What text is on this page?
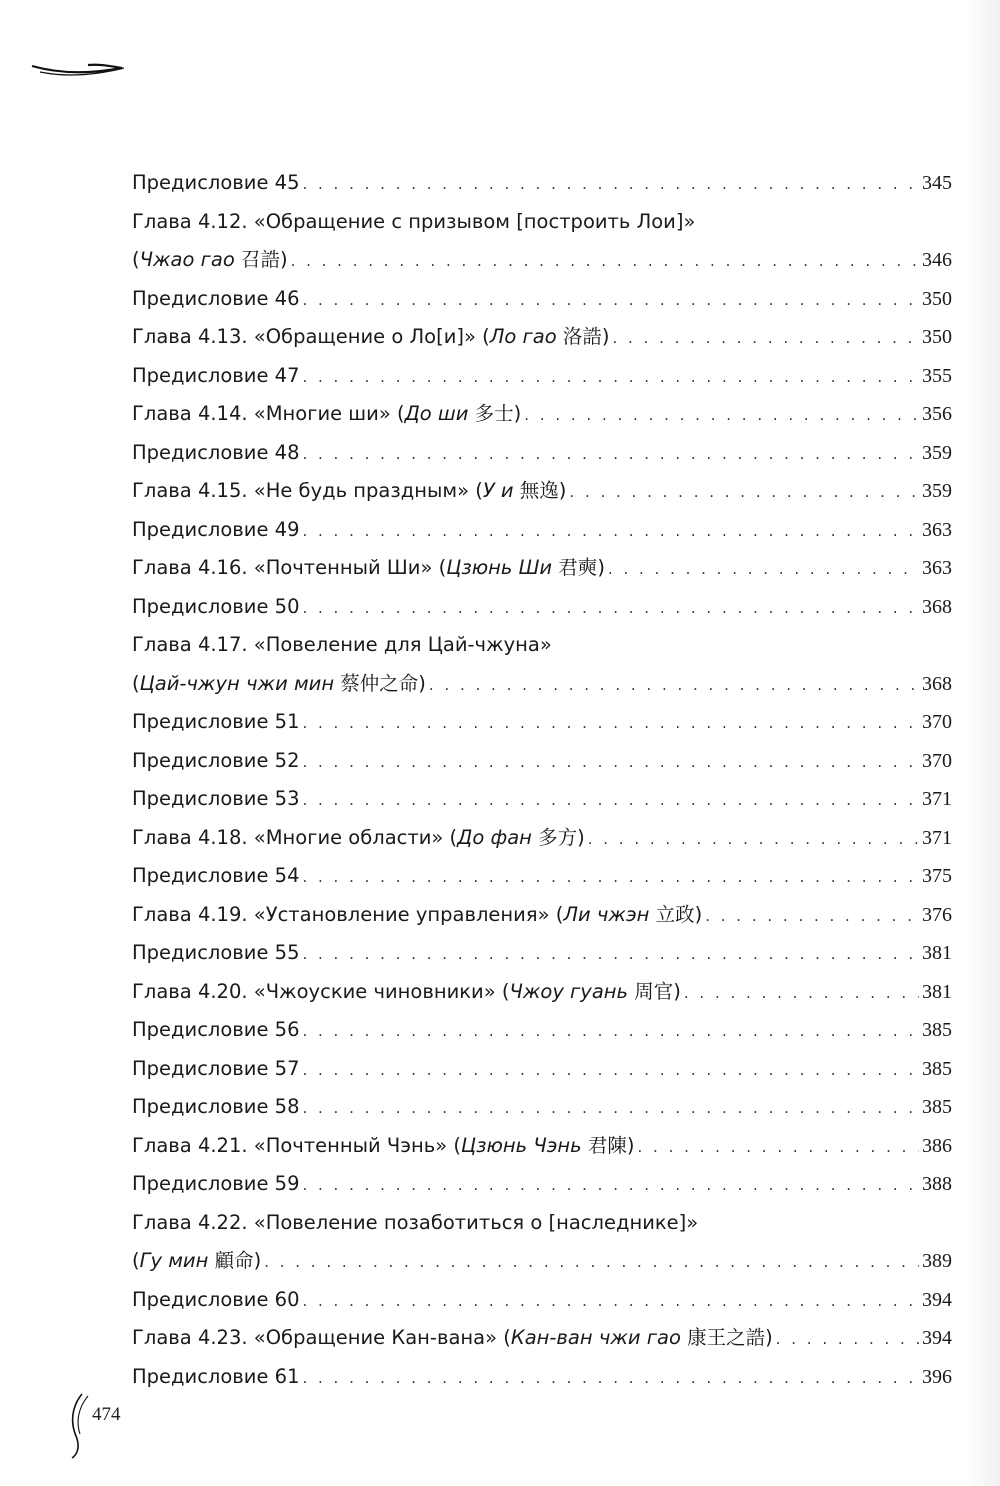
474
Предисловие 45 . . .	345
Глава 4.12. «Обращение с призывом [построить Лои]»
(Чжао гао 召誥) . . .	346
Предисловие 46 . . .	350
Глава 4.13. «Обращение о Ло[и]» (Ло гао 洛誥) . . .	350
Предисловие 47 . . .	355
Глава 4.14. «Многие ши» (До ши 多士) . . .	356
Предисловие 48 . . .	359
Глава 4.15. «Не будь праздным» (У и 無逸) . . .	359
Предисловие 49 . . .	363
Глава 4.16. «Почтенный Ши» (Цзюнь Ши 君奭) . . .	363
Предисловие 50 . . .	368
Глава 4.17. «Повеление для Цай-чжуна»
(Цай-чжун чжи мин 蔡仲之命) . . .	368
Предисловие 51 . . .	370
Предисловие 52 . . .	370
Предисловие 53 . . .	371
Глава 4.18. «Многие области» (До фан 多方) . . .	371
Предисловие 54 . . .	375
Глава 4.19. «Установление управления» (Ли чжэн 立政) . . .	376
Предисловие 55 . . .	381
Глава 4.20. «Чжоуские чиновники» (Чжоу гуань 周官) . . .	381
Предисловие 56 . . .	385
Предисловие 57 . . .	385
Предисловие 58 . . .	385
Глава 4.21. «Почтенный Чэнь» (Цзюнь Чэнь 君陳) . . .	386
Предисловие 59 . . .	388
Глава 4.22. «Повеление позаботиться о [наследнике]»
(Гу мин 顧命) . . .	389
Предисловие 60 . . .	394
Глава 4.23. «Обращение Кан-вана» (Кан-ван чжи гао 康王之誥) . . .	394
Предисловие 61 . . .	396
